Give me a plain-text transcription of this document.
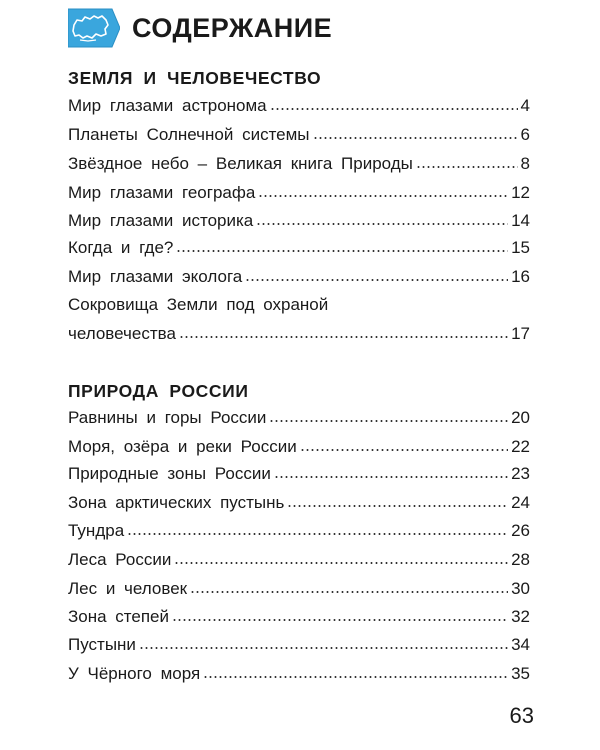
СОДЕРЖАНИЕ
ЗЕМЛЯ И ЧЕЛОВЕЧЕСТВО
Мир глазами астронома	4
Планеты Солнечной системы	6
Звёздное небо – Великая книга Природы	8
Мир глазами географа	12
Мир глазами историка	14
Когда и где?	15
Мир глазами эколога	16
Сокровища Земли под охраной
человечества	17
ПРИРОДА РОССИИ
Равнины и горы России	20
Моря, озёра и реки России	22
Природные зоны России	23
Зона арктических пустынь	24
Тундра	26
Леса России	28
Лес и человек	30
Зона степей	32
Пустыни	34
У Чёрного моря	35
63
